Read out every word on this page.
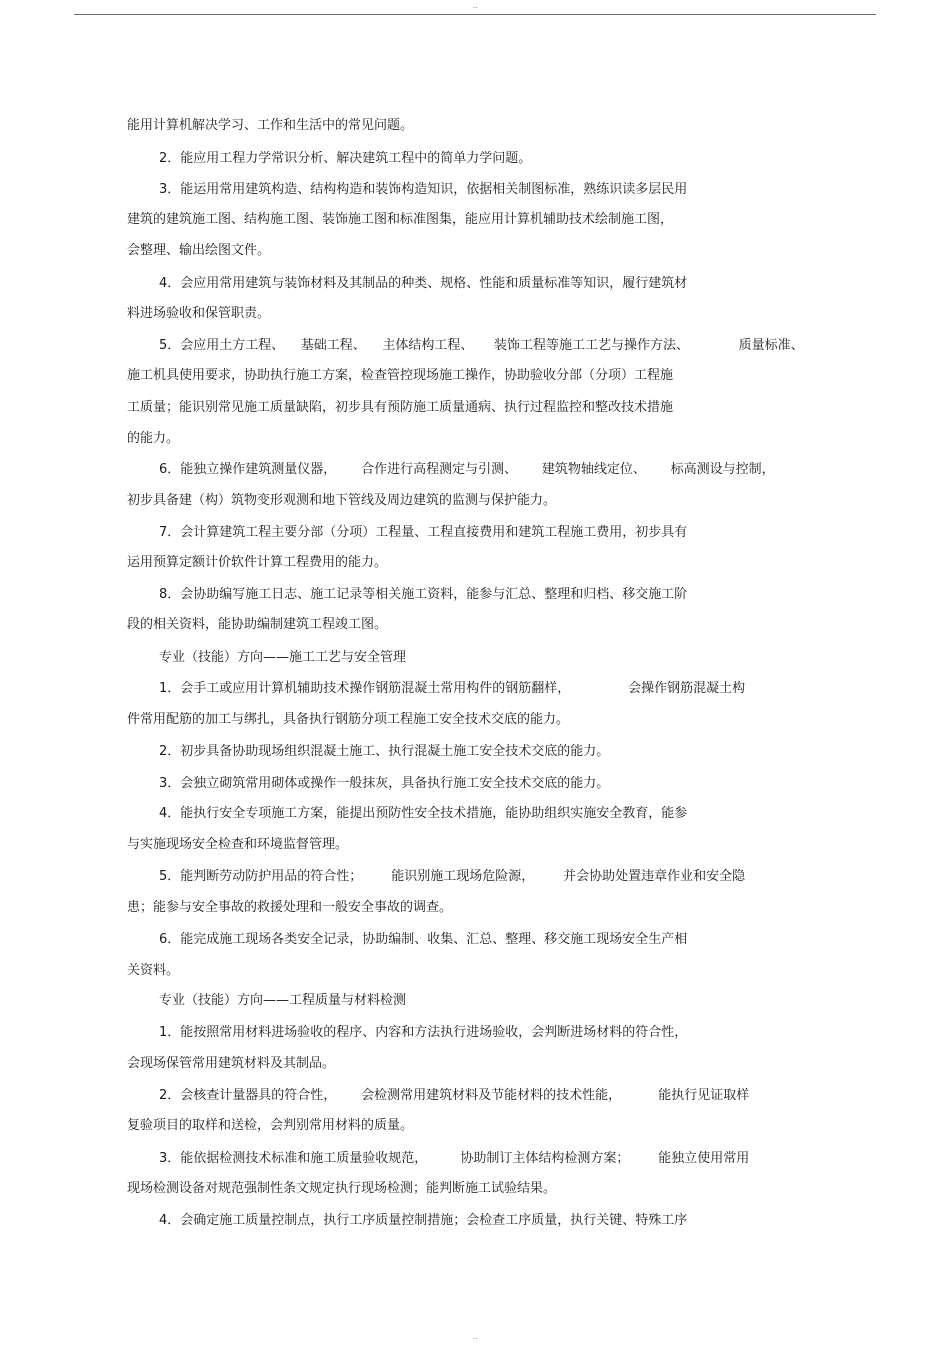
..
能用计算机解决学习、工作和生活中的常见问题。
2．能应用工程力学常识分析、解决建筑工程中的简单力学问题。
3．能运用常用建筑构造、结构构造和装饰构造知识，依据相关制图标准，熟练识读多层民用
建筑的建筑施工图、结构施工图、装饰施工图和标准图集，能应用计算机辅助技术绘制施工图，
会整理、输出绘图文件。
4．会应用常用建筑与装饰材料及其制品的种类、规格、性能和质量标准等知识，履行建筑材
料进场验收和保管职责。
5．会应用土方工程、    基础工程、    主体结构工程、     装饰工程等施工工艺与操作方法、            质量标准、
施工机具使用要求，协助执行施工方案，检查管控现场施工操作，协助验收分部（分项）工程施
工质量；能识别常见施工质量缺陷，初步具有预防施工质量通病、执行过程监控和整改技术措施
的能力。
6．能独立操作建筑测量仪器，      合作进行高程测定与引测、      建筑物轴线定位、      标高测设与控制，
初步具备建（构）筑物变形观测和地下管线及周边建筑的监测与保护能力。
7．会计算建筑工程主要分部（分项）工程量、工程直接费用和建筑工程施工费用，初步具有
运用预算定额计价软件计算工程费用的能力。
8．会协助编写施工日志、施工记录等相关施工资料，能参与汇总、整理和归档、移交施工阶
段的相关资料，能协助编制建筑工程竣工图。
专业（技能）方向——施工工艺与安全管理
1．会手工或应用计算机辅助技术操作钢筋混凝土常用构件的钢筋翻样，              会操作钢筋混凝土构
件常用配筋的加工与绑扎，具备执行钢筋分项工程施工安全技术交底的能力。
2．初步具备协助现场组织混凝土施工、执行混凝土施工安全技术交底的能力。
3．会独立砌筑常用砌体或操作一般抹灰，具备执行施工安全技术交底的能力。
4．能执行安全专项施工方案，能提出预防性安全技术措施，能协助组织实施安全教育，能参
与实施现场安全检查和环境监督管理。
5．能判断劳动防护用品的符合性；       能识别施工现场危险源，       并会协助处置违章作业和安全隐
患；能参与安全事故的救援处理和一般安全事故的调查。
6．能完成施工现场各类安全记录，协助编制、收集、汇总、整理、移交施工现场安全生产相
关资料。
专业（技能）方向——工程质量与材料检测
1．能按照常用材料进场验收的程序、内容和方法执行进场验收，会判断进场材料的符合性，
会现场保管常用建筑材料及其制品。
2．会核查计量器具的符合性，      会检测常用建筑材料及节能材料的技术性能，         能执行见证取样
复验项目的取样和送检，会判别常用材料的质量。
3．能依据检测技术标准和施工质量验收规范，        协助制订主体结构检测方案；       能独立使用常用
现场检测设备对规范强制性条文规定执行现场检测；能判断施工试验结果。
4．会确定施工质量控制点，执行工序质量控制措施；会检查工序质量，执行关键、特殊工序
..
